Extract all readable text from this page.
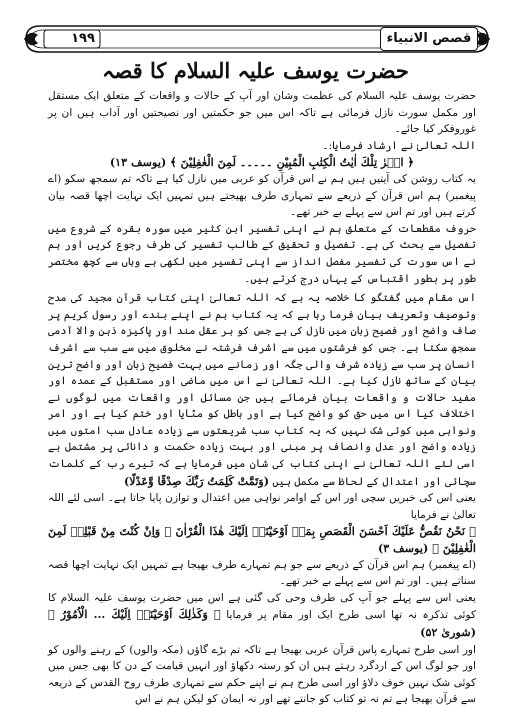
۱۹۹	قصص الانبیاء
حضرت یوسف علیہ السلام کا قصہ

حضرت یوسف علیہ السلام کی عظمت وشان اور آپ کے حالات و واقعات کے متعلق ایک مستقل اور مکمل سورت نازل فرمائی ہے تاکہ اس میں جو حکمتیں اور نصیحتیں اور آداب ہیں ان پر غوروفکر کیا جائے۔

اللہ تعالیٰ نے ارشاد فرمایا:۔

﴿ الۤرٰ تِلْكَ اٰيٰتُ الْكِتٰبِ الْمُبِيْنِ ۔۔۔۔۔ لَمِنَ الْغٰفِلِيْنَ ﴾ (یوسف ۱۳)

یہ کتاب روشن کی آیتیں ہیں ہم نے اس قرآن کو عربی میں نازل کیا ہے تاکہ تم سمجھ سکو (اے پیغمبر) ہم اس قرآن کے ذریعے سے تمہاری طرف بھیجتے ہیں تمہیں ایک نہایت اچھا قصہ بیان کرتے ہیں اور تم اس سے پہلے بے خبر تھے۔

حروف مقطعات کے متعلق ہم نے اپنی تفسیر ابن کثیر میں سورہ بقرہ کے شروع میں تفصیل سے بحث کی ہے۔ تفصیل و تحقیق کے طالب تفسیر کی طرف رجوع کریں اور ہم نے اس سورت کی تفسیر مفصل انداز سے اپنی تفسیر میں لکھی ہے وہاں سے کچھ مختصر طور پر بطور اقتباس کے یہاں درج کرتے ہیں۔

اس مقام میں گفتگو کا خلاصہ یہ ہے کہ اللہ تعالیٰ اپنی کتاب قرآن مجید کی مدح وتوصیف وتعریف بیان فرما رہا ہے کہ یہ کتاب ہم نے اپنے بندے اور رسول کریم پر صاف واضح اور فصیح زبان میں نازل کی ہے جس کو ہر عقل مند اور پاکیزہ ذہن والا آدمی سمجھ سکتا ہے۔ جس کو فرشتوں میں سے اشرف فرشتہ نے مخلوق میں سے سب سے اشرف انسان پر سب سے زیادہ شرف والی جگہ اور زمانے میں بہت فصیح زبان اور واضح ترین بیان کے ساتھ نازل کیا ہے۔ اللہ تعالیٰ نے اس میں ماضی اور مستقبل کے عمدہ اور مفید حالات و واقعات بیان فرمائے ہیں جن مسائل اور واقعات میں لوگوں نے اختلاف کیا اس میں حق کو واضح کیا ہے اور باطل کو مٹایا اور ختم کیا ہے اور امر ونواہی میں کوئی شک نہیں کہ یہ کتاب سب شریعتوں سے زیادہ عادل سب امتوں میں زیادہ واضح اور عدل وانصاف پر مبنی اور بہت زیادہ حکمت و دانائی پر مشتمل ہے اسی لئے اللہ تعالیٰ نے اپنی کتاب کی شان میں فرمایا ہے کہ تیرے رب کے کلمات سچائی اور اعتدال کے لحاظ سے مکمل ہیں (وَتَمَّتْ كَلِمَتُ رَبِّكَ صِدْقًا وَّعَدْلًا)

یعنی اس کی خبریں سچی اور اس کے اوامر نواہی میں اعتدال و توازن پایا جاتا ہے۔ اسی لئے اللہ تعالیٰ نے فرمایا

﴿ نَحْنُ نَقُصُّ عَلَيْكَ اَحْسَنَ الْقَصَصِ بِمَاۤ اَوْحَيْنَاۤ اِلَيْكَ هٰذَا الْقُرْاٰنَ ۖ وَاِنْ كُنْتَ مِنْ قَبْلِهٖ لَمِنَ الْغٰفِلِيْنَ ﴾ (یوسف ۳)

(اے پیغمبر) ہم اس قرآن کے ذریعے سے جو ہم تمہارے طرف بھیجا ہے تمہیں ایک نہایت اچھا قصہ سناتے ہیں۔ اور تم اس سے پہلے بے خبر تھے۔

یعنی اس سے پہلے جو آپ کی طرف وحی کی گئی ہے اس میں حضرت یوسف علیہ السلام کا کوئی تذکرہ نہ تھا اسی طرح ایک اور مقام پر فرمایا ﴿ وَكَذٰلِكَ اَوْحَيْنَاۤ اِلَيْكَ ... الْاُمُوْرُ ﴾ (شوریٰ ۵۲)

اور اسی طرح تمہارے پاس قرآن عربی بھیجا ہے تاکہ تم بڑے گاؤں (مکہ والوں) کے رہنے والوں کو اور جو لوگ اس کے اردگرد رہتے ہیں ان کو رستہ دکھاؤ اور انہیں قیامت کے دن کا بھی جس میں کوئی شک نہیں خوف دلاؤ اور اسی طرح ہم نے اپنے حکم سے تمہاری طرف روح القدس کے ذریعہ سے قرآن بھیجا ہے تم نہ تو کتاب کو جانتے تھے اور نہ ایمان کو لیکن ہم نے اس
